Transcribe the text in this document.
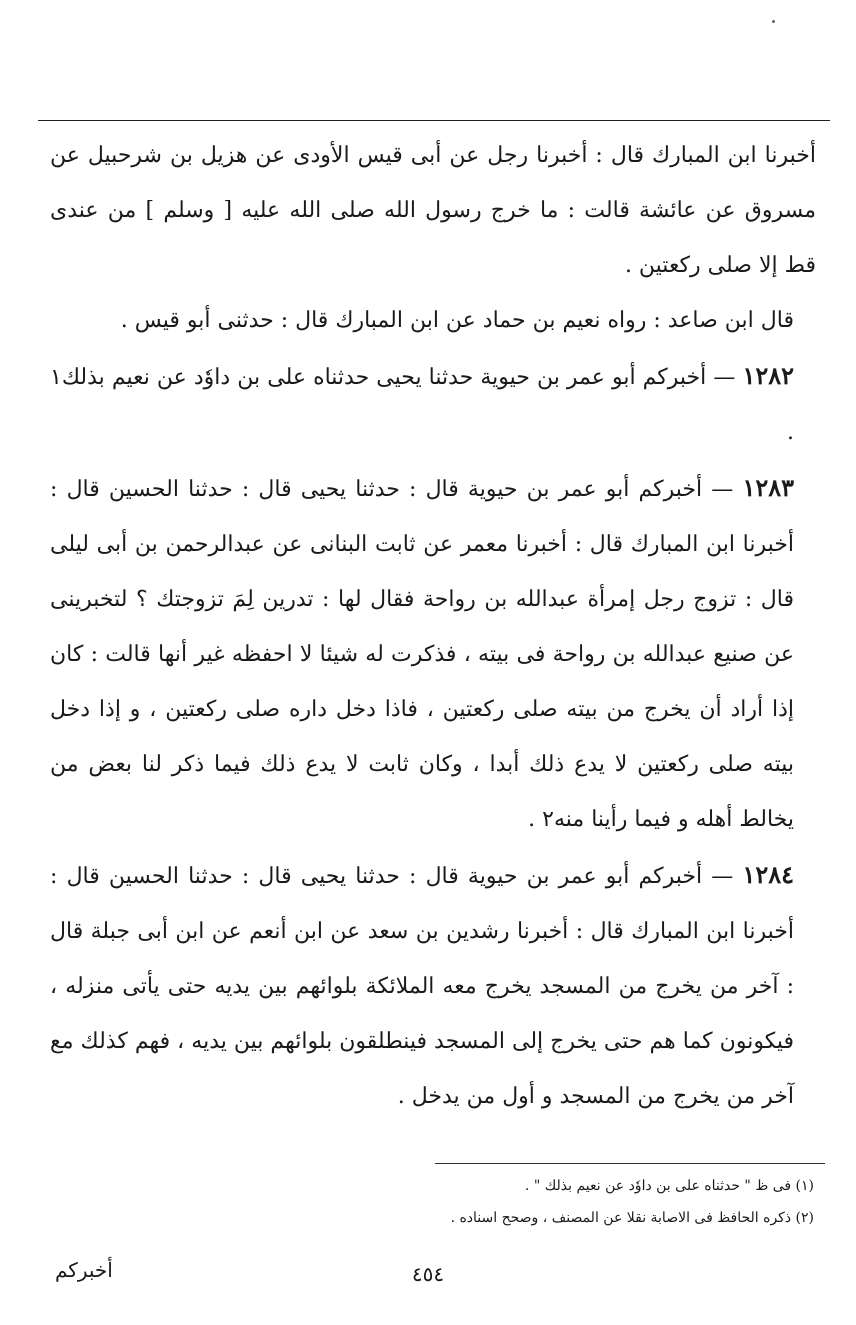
أخبرنا ابن المبارك قال : أخبرنا رجل عن أبى قيس الأودى عن هزيل بن شرحبيل عن مسروق عن عائشة قالت : ما خرج رسول الله صلى الله عليه [ وسلم ] من عندى قط إلا صلى ركعتين .

قال ابن صاعد : رواه نعيم بن حماد عن ابن المبارك قال : حدثنى أبو قيس .

١٢٨٢ — أخبركم أبو عمر بن حيوية حدثنا يحيى حدثناه على بن داوٗد عن نعيم بذلك١ .

١٢٨٣ — أخبركم أبو عمر بن حيوية قال : حدثنا يحيى قال : حدثنا الحسين قال : أخبرنا ابن المبارك قال : أخبرنا معمر عن ثابت البنانى عن عبدالرحمن بن أبى ليلى قال : تزوج رجل إمرأة عبدالله بن رواحة فقال لها : تدرين لِمَ تزوجتك ؟ لتخبرينى عن صنيع عبدالله بن رواحة فى بيته ، فذكرت له شيئا لا احفظه غير أنها قالت : كان إذا أراد أن يخرج من بيته صلى ركعتين ، فاذا دخل داره صلى ركعتين ، و إذا دخل بيته صلى ركعتين لا يدع ذلك أبدا ، وكان ثابت لا يدع ذلك فيما ذكر لنا بعض من يخالط أهله و فيما رأينا منه٢ .

١٢٨٤ — أخبركم أبو عمر بن حيوية قال : حدثنا يحيى قال : حدثنا الحسين قال : أخبرنا ابن المبارك قال : أخبرنا رشدين بن سعد عن ابن أنعم عن ابن أبى جبلة قال : آخر من يخرج من المسجد يخرج معه الملائكة بلوائهم بين يديه حتى يأتى منزله ، فيكونون كما هم حتى يخرج إلى المسجد فينطلقون بلوائهم بين يديه ، فهم كذلك مع آخر من يخرج من المسجد و أول من يدخل .

(١) فى ظ " حدثناه على بن داوٗد عن نعيم بذلك " .

(٢) ذكره الحافظ فى الاصابة نقلا عن المصنف ، وصحح اسناده .

٤٥٤
أخبركم
